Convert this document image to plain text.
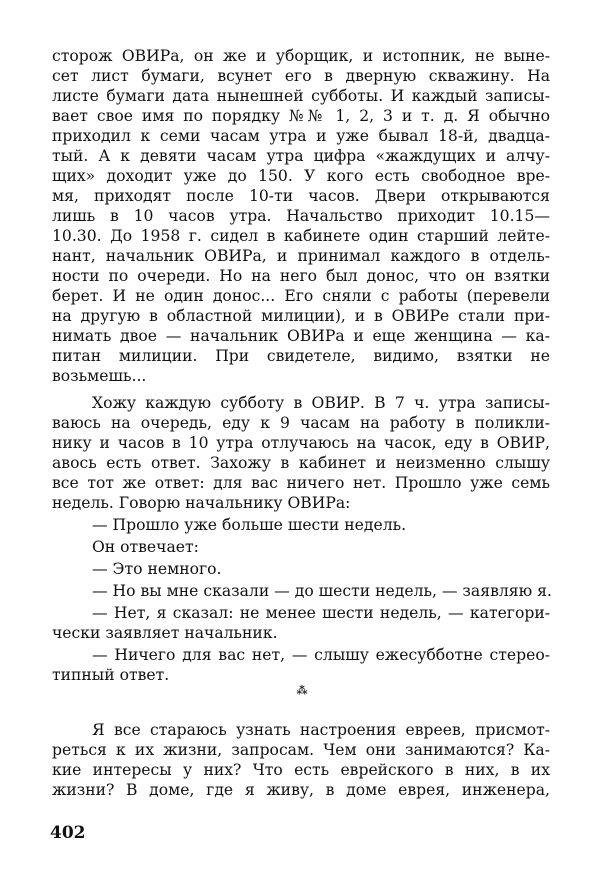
сторож ОВИРа, он же и уборщик, и истопник, не выне-
сет лист бумаги, всунет его в дверную скважину. На
листе бумаги дата нынешней субботы. И каждый записы-
вает свое имя по порядку №№ 1, 2, 3 и т. д. Я обычно
приходил к семи часам утра и уже бывал 18-й, двадца-
тый. А к девяти часам утра цифра «жаждущих и алчу-
щих» доходит уже до 150. У кого есть свободное вре-
мя, приходят после 10-ти часов. Двери открываются
лишь в 10 часов утра. Начальство приходит 10.15—
10.30. До 1958 г. сидел в кабинете один старший лейте-
нант, начальник ОВИРа, и принимал каждого в отдель-
ности по очереди. Но на него был донос, что он взятки
берет. И не один донос... Его сняли с работы (перевели
на другую в областной милиции), и в ОВИРе стали при-
нимать двое — начальник ОВИРа и еще женщина — ка-
питан милиции. При свидетеле, видимо, взятки не
возьмешь...
Хожу каждую субботу в ОВИР. В 7 ч. утра записы-
ваюсь на очередь, еду к 9 часам на работу в поликли-
нику и часов в 10 утра отлучаюсь на часок, еду в ОВИР,
авось есть ответ. Захожу в кабинет и неизменно слышу
все тот же ответ: для вас ничего нет. Прошло уже семь
недель. Говорю начальнику ОВИРа:
— Прошло уже больше шести недель.
Он отвечает:
— Это немного.
— Но вы мне сказали — до шести недель, — заявляю я.
— Нет, я сказал: не менее шести недель, — категори-
чески заявляет начальник.
— Ничего для вас нет, — слышу ежесубботне стерео-
типный ответ.
⁂
Я все стараюсь узнать настроения евреев, присмот-
реться к их жизни, запросам. Чем они занимаются? Ка-
кие интересы у них? Что есть еврейского в них, в их
жизни? В доме, где я живу, в доме еврея, инженера,
402
